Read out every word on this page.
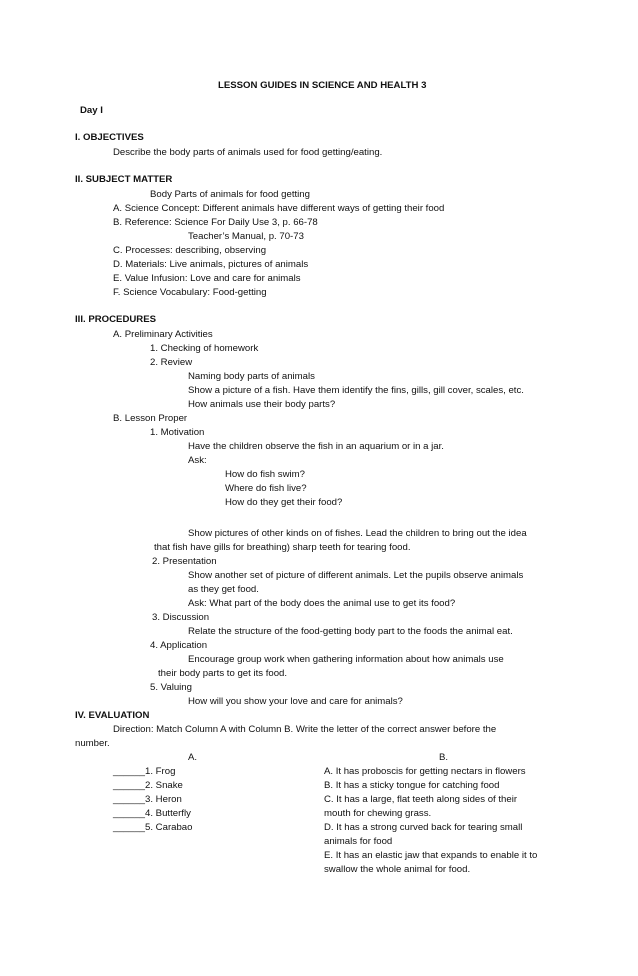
LESSON GUIDES IN SCIENCE AND HEALTH 3
Day I
I. OBJECTIVES
Describe the body parts of animals used for food getting/eating.
II. SUBJECT MATTER
Body Parts of animals for food getting
A. Science Concept: Different animals have different ways of getting their food
B. Reference: Science For Daily Use 3, p. 66-78
Teacher’s Manual, p. 70-73
C. Processes: describing, observing
D. Materials: Live animals, pictures of animals
E. Value Infusion: Love and care for animals
F. Science Vocabulary: Food-getting
III. PROCEDURES
A. Preliminary Activities
1. Checking of homework
2. Review
Naming body parts of animals
Show a picture of a fish. Have them identify the fins, gills, gill cover, scales, etc.
How animals use their body parts?
B. Lesson Proper
1. Motivation
Have the children observe the fish in an aquarium or in a jar.
Ask:
How do fish swim?
Where do fish live?
How do they get their food?
Show pictures of other kinds on of fishes. Lead the children to bring out the idea
that fish have gills for breathing) sharp teeth for tearing food.
2. Presentation
Show another set of picture of different animals. Let the pupils observe animals
as they get food.
Ask: What part of the body does the animal use to get its food?
3. Discussion
Relate the structure of the food-getting body part to the foods the animal eat.
4. Application
Encourage group work when gathering information about how animals use
their body parts to get its food.
5. Valuing
How will you show your love and care for animals?
IV. EVALUATION
Direction: Match Column A with Column B. Write the letter of the correct answer before the
number.
A.	B.
______1. Frog
______2. Snake
______3. Heron
______4. Butterfly
______5. Carabao
A. It has proboscis for getting nectars in flowers
B. It has a sticky tongue for catching food
C. It has a large, flat teeth along sides of their
mouth for chewing grass.
D. It has a strong curved back for tearing small
animals for food
E. It has an elastic jaw that expands to enable it to
swallow the whole animal for food.
